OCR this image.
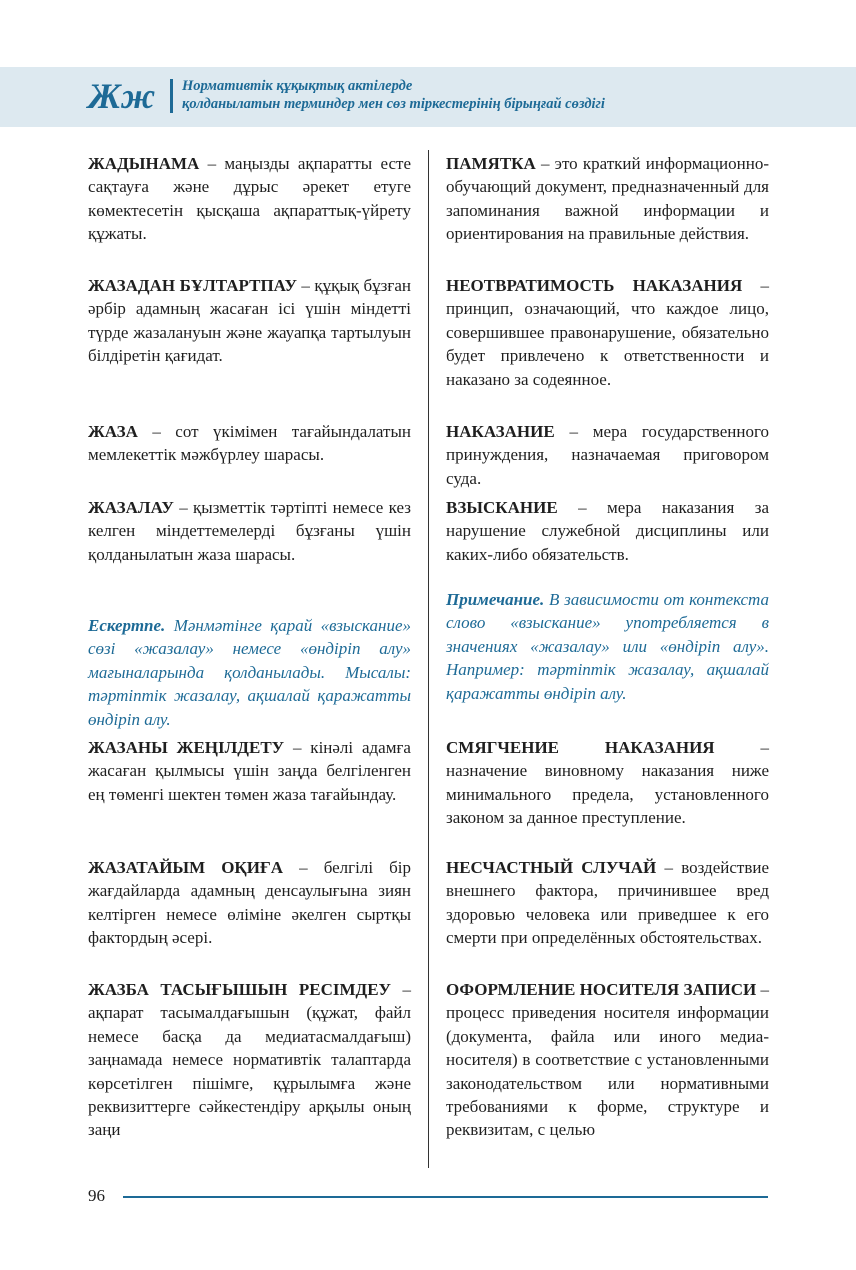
Жж Нормативтік құқықтық актілерде
қолданылатын терминдер мен сөз тіркестерінің бірыңғай сөздігі

ЖАДЫНАМА – маңызды ақпаратты есте сақтауға және дұрыс әрекет етуге көмектесетін қысқаша ақпараттық-үйрету құжаты.

ЖАЗАДАН БҰЛТАРТПАУ – құқық бұзған әрбір адамның жасаған ісі үшін міндетті түрде жазалануын және жауапқа тартылуын білдіретін қағидат.

ЖАЗА – сот үкімімен тағайындалатын мемлекеттік мәжбүрлеу шарасы.

ЖАЗАЛАУ – қызметтік тәртіпті немесе кез келген міндеттемелерді бұзғаны үшін қолданылатын жаза шарасы.

Ескертпе. Мәнмәтінге қарай «взыскание» сөзі «жазалау» немесе «өндіріп алу» мағыналарында қолданылады. Мысалы: тәртіптік жазалау, ақшалай қаражатты өндіріп алу.

ЖАЗАНЫ ЖЕҢІЛДЕТУ – кінәлі адамға жасаған қылмысы үшін заңда белгіленген ең төменгі шектен төмен жаза тағайындау.

ЖАЗАТАЙЫМ ОҚИҒА – белгілі бір жағдайларда адамның денсаулығына зиян келтірген немесе өліміне әкелген сыртқы фактордың әсері.

ЖАЗБА ТАСЫҒЫШЫН РЕСІМДЕУ – ақпарат тасымалдағышын (құжат, файл немесе басқа да медиатасмалдағыш) заңнамада немесе нормативтік талаптарда көрсетілген пішімге, құрылымға және реквизиттерге сәйкестендіру арқылы оның заңи

ПАМЯТКА – это краткий информационно-обучающий документ, предназначенный для запоминания важной информации и ориентирования на правильные действия.

НЕОТВРАТИМОСТЬ НАКАЗАНИЯ – принцип, означающий, что каждое лицо, совершившее правонарушение, обязательно будет привлечено к ответственности и наказано за содеянное.

НАКАЗАНИЕ – мера государственного принуждения, назначаемая приговором суда.

ВЗЫСКАНИЕ – мера наказания за нарушение служебной дисциплины или каких-либо обязательств.

Примечание. В зависимости от контекста слово «взыскание» употребляется в значениях «жазалау» или «өндіріп алу». Например: тәртіптік жазалау, ақшалай қаражатты өндіріп алу.

СМЯГЧЕНИЕ НАКАЗАНИЯ – назначение виновному наказания ниже минимального предела, установленного законом за данное преступление.

НЕСЧАСТНЫЙ СЛУЧАЙ – воздействие внешнего фактора, причинившее вред здоровью человека или приведшее к его смерти при определённых обстоятельствах.

ОФОРМЛЕНИЕ НОСИТЕЛЯ ЗАПИСИ – процесс приведения носителя информации (документа, файла или иного медиа-носителя) в соответствие с установленными законодательством или нормативными требованиями к форме, структуре и реквизитам, с целью

96
